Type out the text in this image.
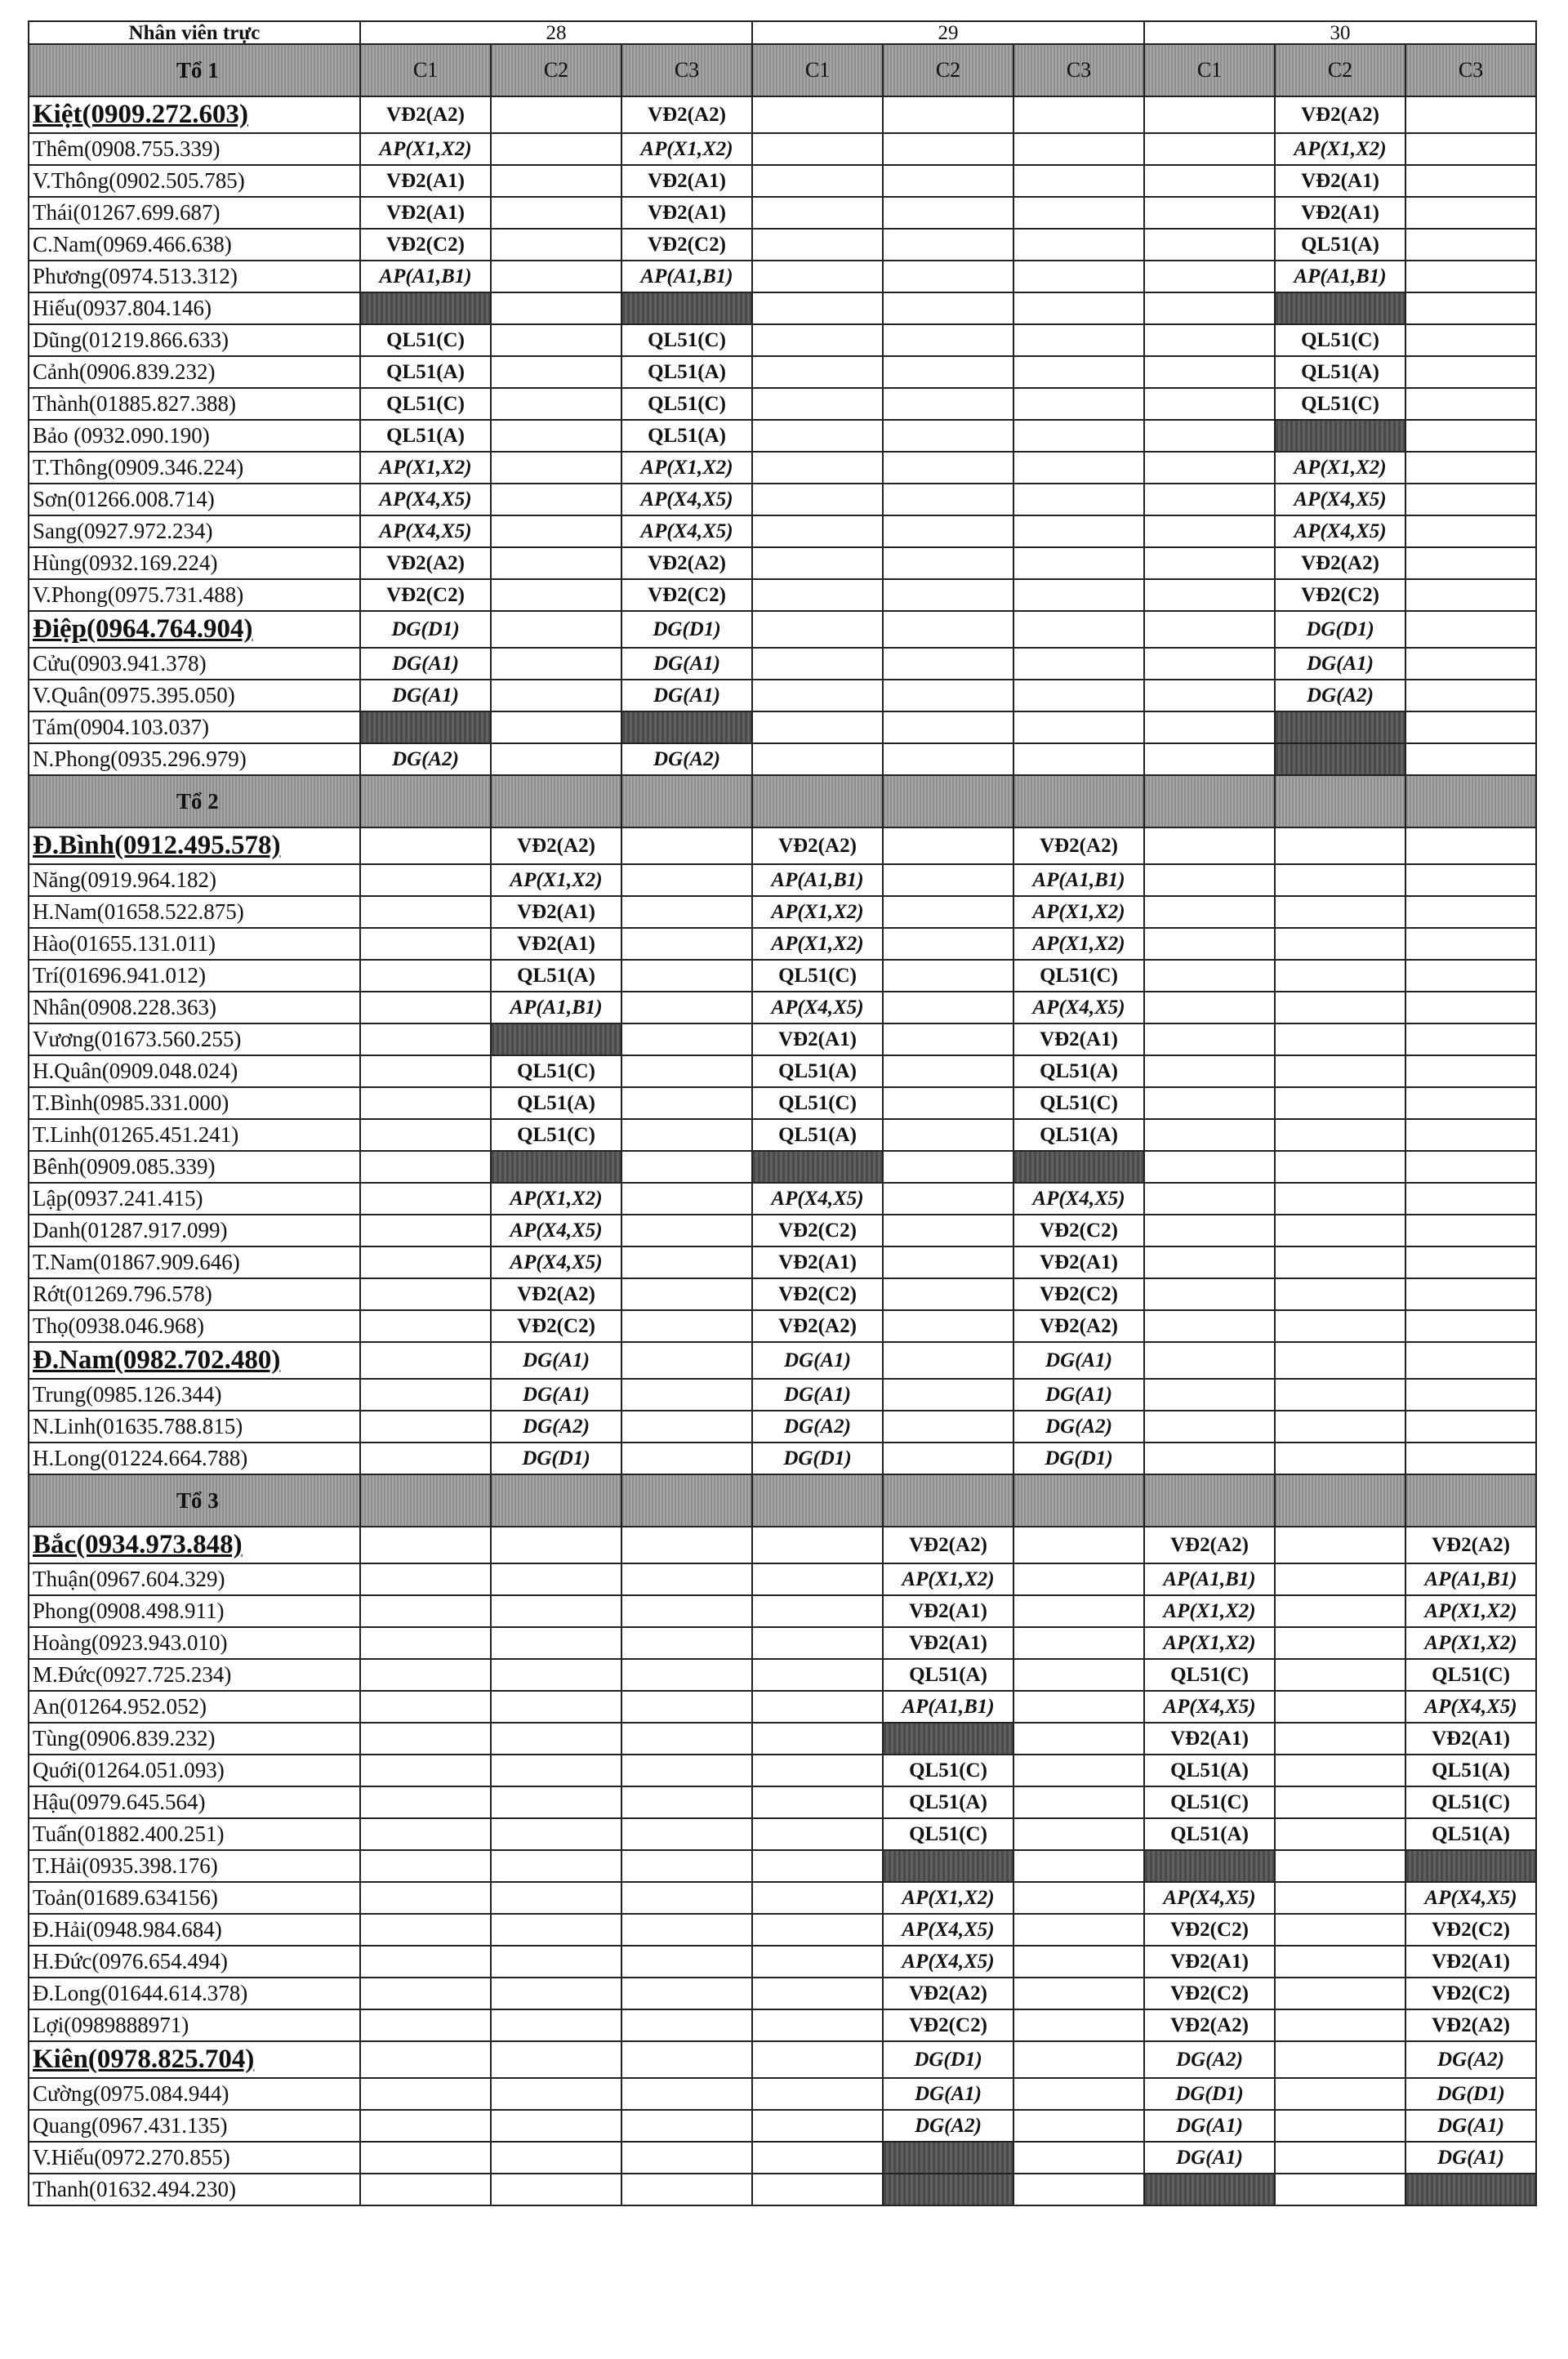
Nhân viên trực	28			29			30		
Tổ 1	C1	C2	C3	C1	C2	C3	C1	C2	C3
Kiệt(0909.272.603)	VĐ2(A2)		VĐ2(A2)					VĐ2(A2)	
Thêm(0908.755.339)	AP(X1,X2)		AP(X1,X2)					AP(X1,X2)	
V.Thông(0902.505.785)	VĐ2(A1)		VĐ2(A1)					VĐ2(A1)	
Thái(01267.699.687)	VĐ2(A1)		VĐ2(A1)					VĐ2(A1)	
C.Nam(0969.466.638)	VĐ2(C2)		VĐ2(C2)					QL51(A)	
Phương(0974.513.312)	AP(A1,B1)		AP(A1,B1)					AP(A1,B1)	
Hiếu(0937.804.146)									
Dũng(01219.866.633)	QL51(C)		QL51(C)					QL51(C)	
Cảnh(0906.839.232)	QL51(A)		QL51(A)					QL51(A)	
Thành(01885.827.388)	QL51(C)		QL51(C)					QL51(C)	
Bảo (0932.090.190)	QL51(A)		QL51(A)						
T.Thông(0909.346.224)	AP(X1,X2)		AP(X1,X2)					AP(X1,X2)	
Sơn(01266.008.714)	AP(X4,X5)		AP(X4,X5)					AP(X4,X5)	
Sang(0927.972.234)	AP(X4,X5)		AP(X4,X5)					AP(X4,X5)	
Hùng(0932.169.224)	VĐ2(A2)		VĐ2(A2)					VĐ2(A2)	
V.Phong(0975.731.488)	VĐ2(C2)		VĐ2(C2)					VĐ2(C2)	
Điệp(0964.764.904)	DG(D1)		DG(D1)					DG(D1)	
Cửu(0903.941.378)	DG(A1)		DG(A1)					DG(A1)	
V.Quân(0975.395.050)	DG(A1)		DG(A1)					DG(A2)	
Tám(0904.103.037)									
N.Phong(0935.296.979)	DG(A2)		DG(A2)						
Tổ 2									
Đ.Bình(0912.495.578)		VĐ2(A2)		VĐ2(A2)		VĐ2(A2)			
Năng(0919.964.182)		AP(X1,X2)		AP(A1,B1)		AP(A1,B1)			
H.Nam(01658.522.875)		VĐ2(A1)		AP(X1,X2)		AP(X1,X2)			
Hào(01655.131.011)		VĐ2(A1)		AP(X1,X2)		AP(X1,X2)			
Trí(01696.941.012)		QL51(A)		QL51(C)		QL51(C)			
Nhân(0908.228.363)		AP(A1,B1)		AP(X4,X5)		AP(X4,X5)			
Vương(01673.560.255)				VĐ2(A1)		VĐ2(A1)			
H.Quân(0909.048.024)		QL51(C)		QL51(A)		QL51(A)			
T.Bình(0985.331.000)		QL51(A)		QL51(C)		QL51(C)			
T.Linh(01265.451.241)		QL51(C)		QL51(A)		QL51(A)			
Bênh(0909.085.339)									
Lập(0937.241.415)		AP(X1,X2)		AP(X4,X5)		AP(X4,X5)			
Danh(01287.917.099)		AP(X4,X5)		VĐ2(C2)		VĐ2(C2)			
T.Nam(01867.909.646)		AP(X4,X5)		VĐ2(A1)		VĐ2(A1)			
Rớt(01269.796.578)		VĐ2(A2)		VĐ2(C2)		VĐ2(C2)			
Thọ(0938.046.968)		VĐ2(C2)		VĐ2(A2)		VĐ2(A2)			
Đ.Nam(0982.702.480)		DG(A1)		DG(A1)		DG(A1)			
Trung(0985.126.344)		DG(A1)		DG(A1)		DG(A1)			
N.Linh(01635.788.815)		DG(A2)		DG(A2)		DG(A2)			
H.Long(01224.664.788)		DG(D1)		DG(D1)		DG(D1)			
Tổ 3									
Bắc(0934.973.848)					VĐ2(A2)		VĐ2(A2)		VĐ2(A2)
Thuận(0967.604.329)					AP(X1,X2)		AP(A1,B1)		AP(A1,B1)
Phong(0908.498.911)					VĐ2(A1)		AP(X1,X2)		AP(X1,X2)
Hoàng(0923.943.010)					VĐ2(A1)		AP(X1,X2)		AP(X1,X2)
M.Đức(0927.725.234)					QL51(A)		QL51(C)		QL51(C)
An(01264.952.052)					AP(A1,B1)		AP(X4,X5)		AP(X4,X5)
Tùng(0906.839.232)							VĐ2(A1)		VĐ2(A1)
Quới(01264.051.093)					QL51(C)		QL51(A)		QL51(A)
Hậu(0979.645.564)					QL51(A)		QL51(C)		QL51(C)
Tuấn(01882.400.251)					QL51(C)		QL51(A)		QL51(A)
T.Hải(0935.398.176)									
Toản(01689.634156)					AP(X1,X2)		AP(X4,X5)		AP(X4,X5)
Đ.Hải(0948.984.684)					AP(X4,X5)		VĐ2(C2)		VĐ2(C2)
H.Đức(0976.654.494)					AP(X4,X5)		VĐ2(A1)		VĐ2(A1)
Đ.Long(01644.614.378)					VĐ2(A2)		VĐ2(C2)		VĐ2(C2)
Lợi(0989888971)					VĐ2(C2)		VĐ2(A2)		VĐ2(A2)
Kiên(0978.825.704)					DG(D1)		DG(A2)		DG(A2)
Cường(0975.084.944)					DG(A1)		DG(D1)		DG(D1)
Quang(0967.431.135)					DG(A2)		DG(A1)		DG(A1)
V.Hiếu(0972.270.855)							DG(A1)		DG(A1)
Thanh(01632.494.230)									
